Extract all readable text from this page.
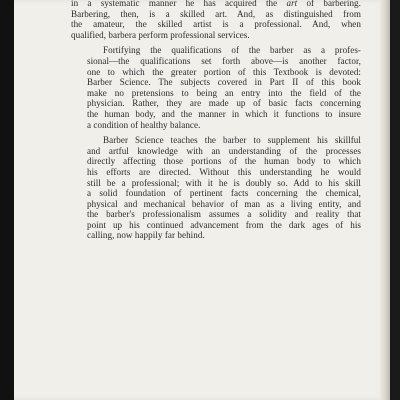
in a systematic manner he has acquired the art of barbering.
Barbering, then, is a skilled art. And, as distinguished from
the amateur, the skilled artist is a professional. And, when
qualified, barbera perform professional services.

Fortifying the qualifications of the barber as a profes-
sional—the qualifications set forth above—is another factor,
one to which the greater portion of this Textbook is devoted:
Barber Science. The subjects covered in Part II of this book
make no pretensions to being an entry into the field of the
physician. Rather, they are made up of basic facts concerning
the human body, and the manner in which it functions to insure
a condition of healthy balance.

Barber Science teaches the barber to supplement his skillful
and artful knowledge with an understanding of the processes
directly affecting those portions of the human body to which
his efforts are directed. Without this understanding he would
still be a professional; with it he is doubly so. Add to his skill
a solid foundation of pertinent facts concerning the chemical,
physical and mechanical behavior of man as a living entity, and
the barber's professionalism assumes a solidity and reality that
point up his continued advancement from the dark ages of his
calling, now happily far behind.
